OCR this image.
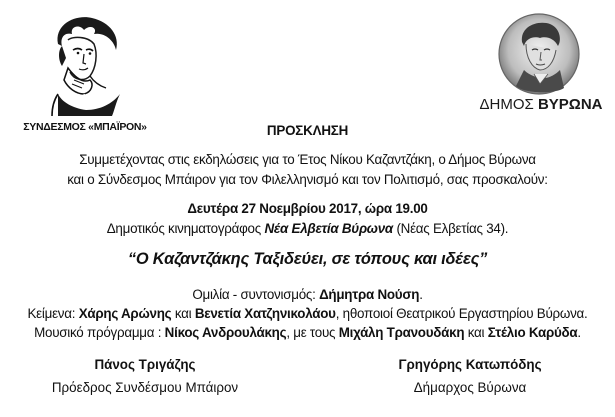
ΣΥΝΔΕΣΜΟΣ «ΜΠΑΪΡΟΝ»
ΔΗΜΟΣ ΒΥΡΩΝΑ
ΠΡΟΣΚΛΗΣΗ
Συμμετέχοντας στις εκδηλώσεις για το Έτος Νίκου Καζαντζάκη, ο Δήμος Βύρωνα
και ο Σύνδεσμος Μπάιρον για τον Φιλελληνισμό και τον Πολιτισμό, σας προσκαλούν:
Δευτέρα 27 Νοεμβρίου 2017, ώρα 19.00
Δημοτικός κινηματογράφος Νέα Ελβετία Βύρωνα (Νέας Ελβετίας 34).
“Ο Καζαντζάκης Ταξιδεύει, σε τόπους και ιδέες”
Ομιλία - συντονισμός: Δήμητρα Νούση.
Κείμενα: Χάρης Αρώνης και Βενετία Χατζηνικολάου, ηθοποιοί Θεατρικού Εργαστηρίου Βύρωνα.
Μουσικό πρόγραμμα : Νίκος Ανδρουλάκης, με τους Μιχάλη Τρανουδάκη και Στέλιο Καρύδα.
Πάνος Τριγάζης
Πρόεδρος Συνδέσμου Μπάιρον
Γρηγόρης Κατωπόδης
Δήμαρχος Βύρωνα
